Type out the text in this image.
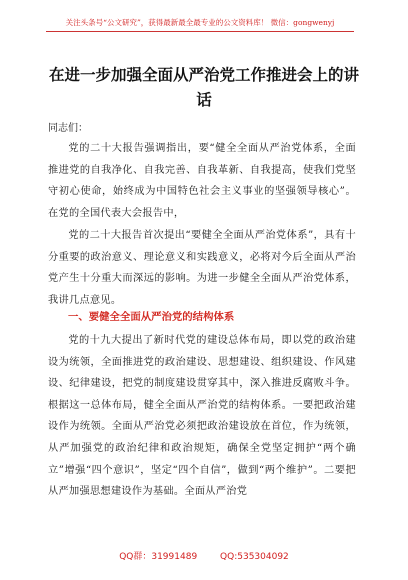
关注头条号“公文研究”，获得最新最全最专业的公文资料库！ 微信：gongwenyj
在进一步加强全面从严治党工作推进会上的讲话
同志们：
党的二十大报告强调指出，要“健全全面从严治党体系，全面推进党的自我净化、自我完善、自我革新、自我提高，使我们党坚守初心使命，始终成为中国特色社会主义事业的坚强领导核心”。在党的全国代表大会报告中，
党的二十大报告首次提出“要健全全面从严治党体系”，具有十分重要的政治意义、理论意义和实践意义，必将对今后全面从严治党产生十分重大而深远的影响。为进一步健全全面从严治党体系，我讲几点意见。
一、要健全全面从严治党的结构体系
党的十九大提出了新时代党的建设总体布局，即以党的政治建设为统领，全面推进党的政治建设、思想建设、组织建设、作风建设、纪律建设，把党的制度建设贯穿其中，深入推进反腐败斗争。根据这一总体布局，健全全面从严治党的结构体系。一要把政治建设作为统领。全面从严治党必须把政治建设放在首位，作为统领，从严加强党的政治纪律和政治规矩，确保全党坚定拥护“两个确立”增强“四个意识”，坚定“四个自信”，做到“两个维护”。二要把从严加强思想建设作为基础。全面从严治党
QQ群：31991489	QQ:535304092
